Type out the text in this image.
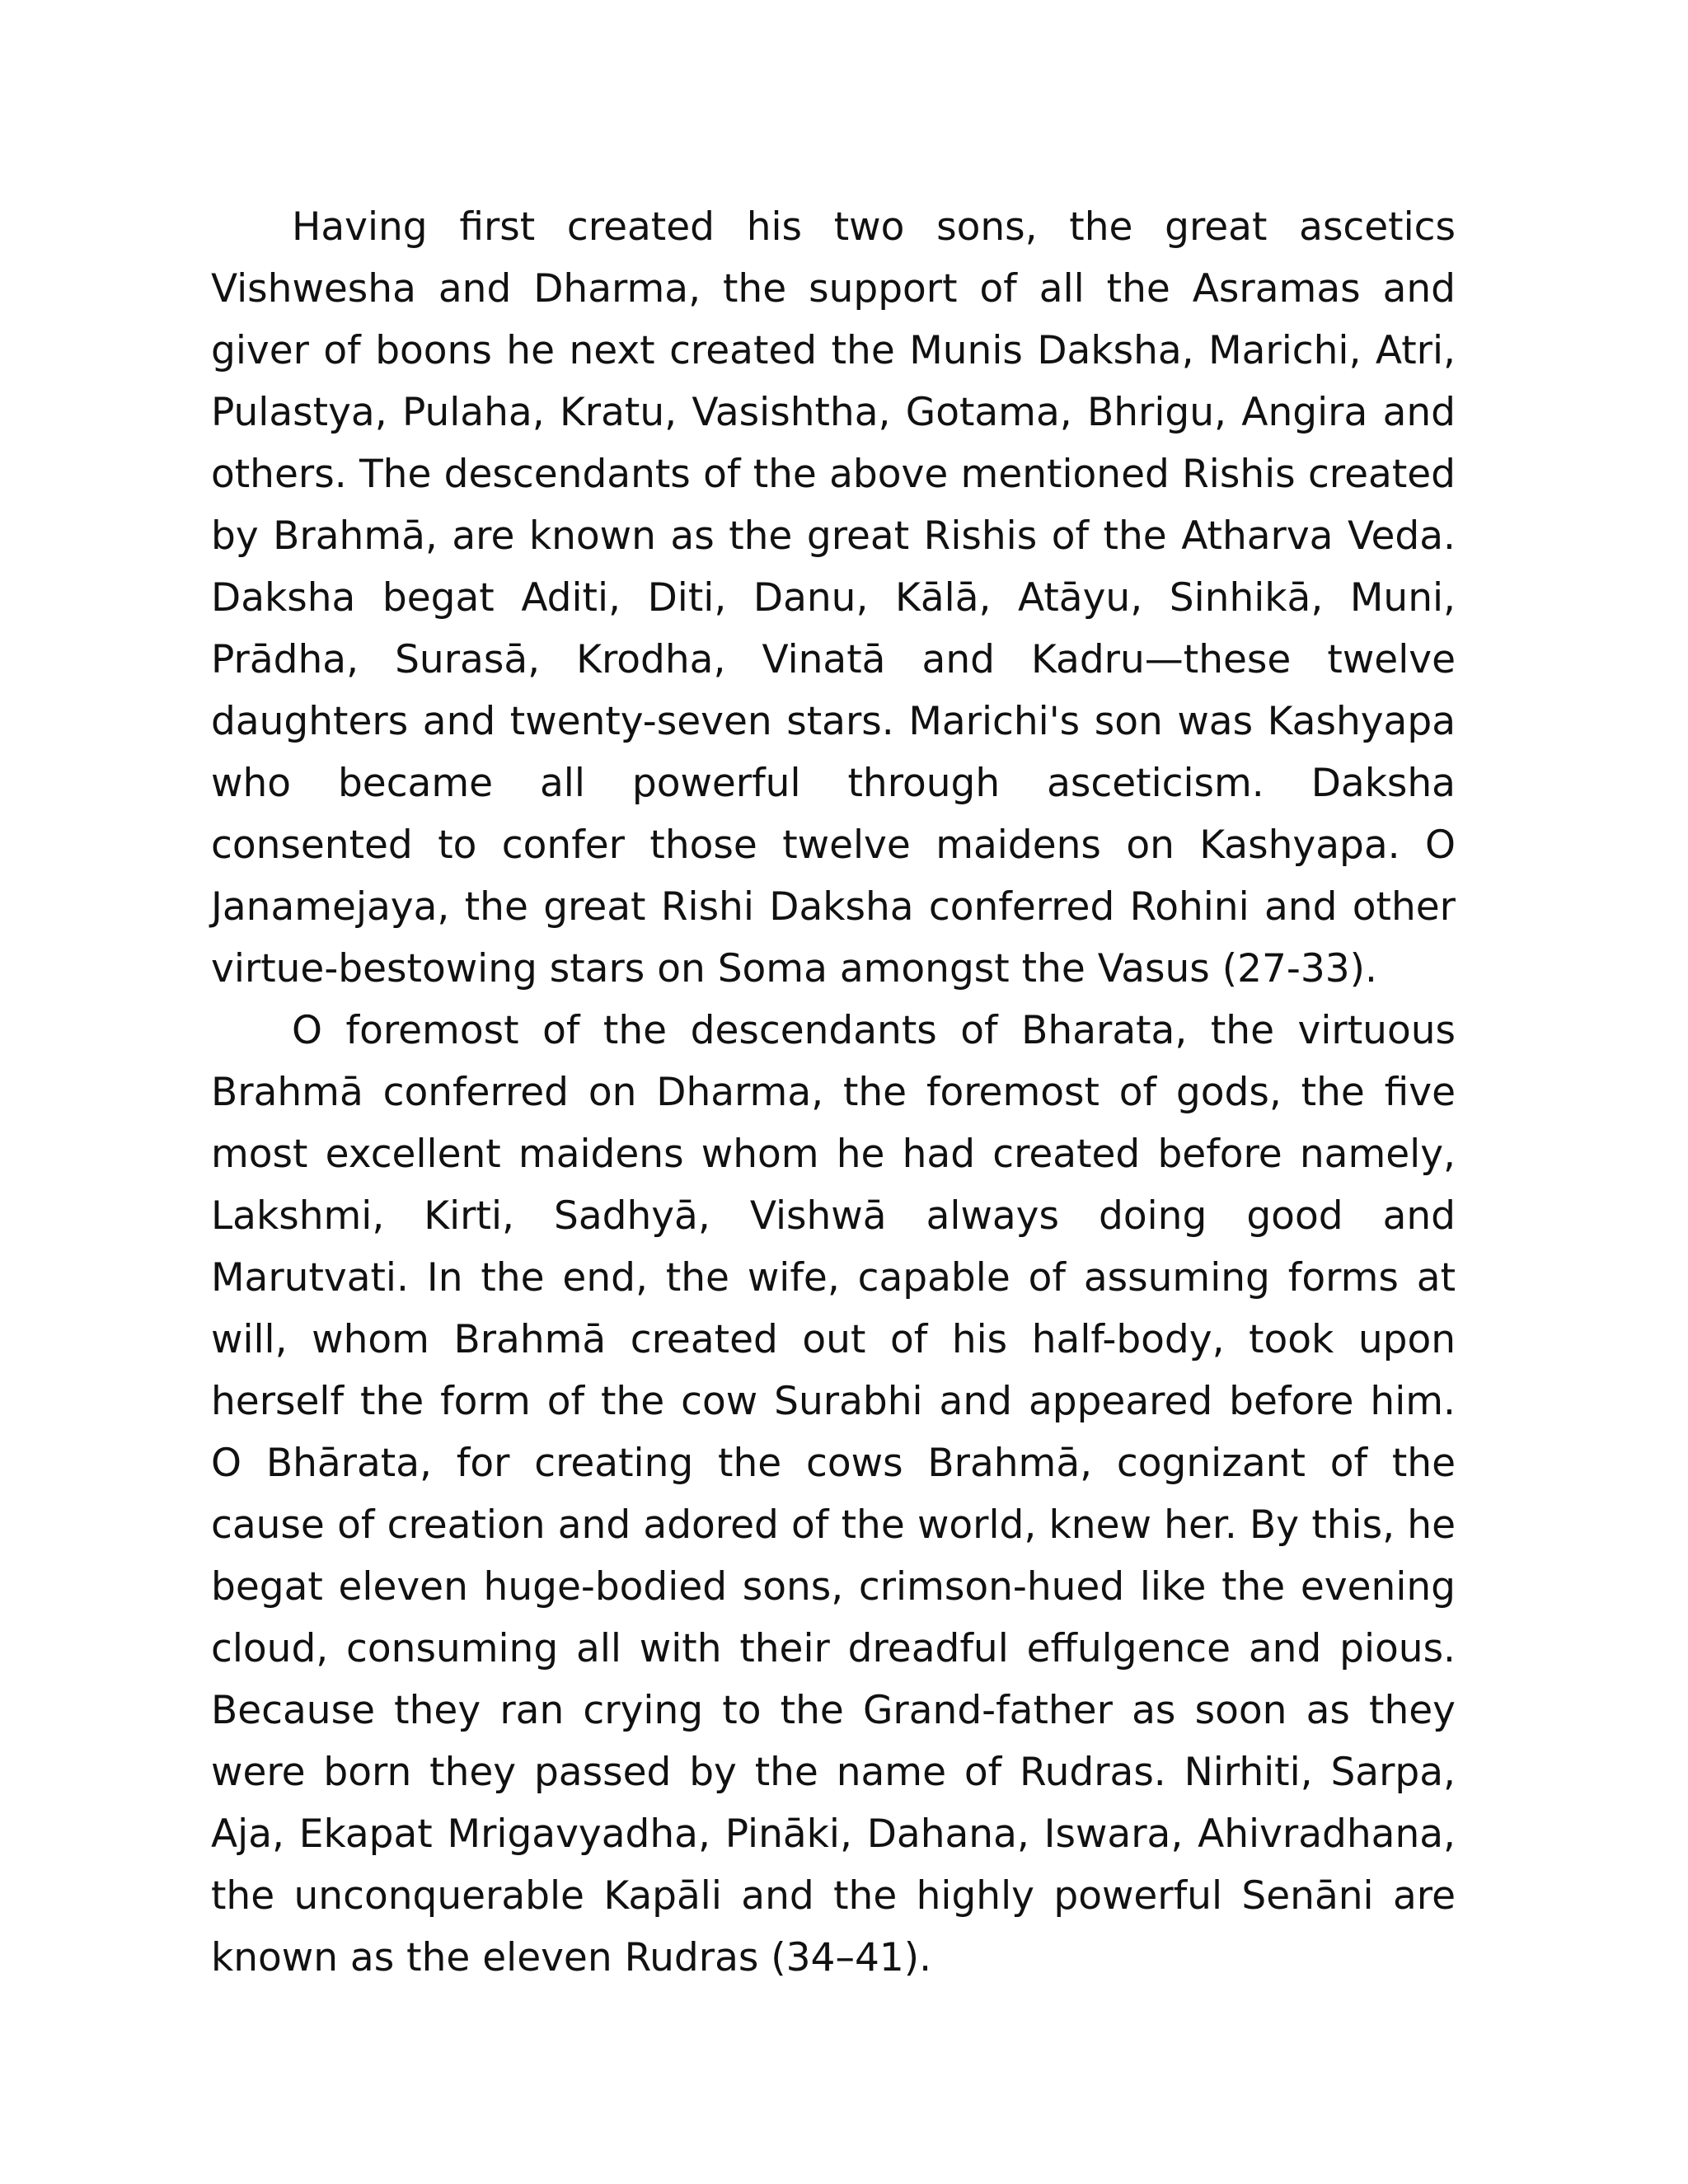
Having first created his two sons, the great ascetics Vishwesha and Dharma, the support of all the Asramas and giver of boons he next created the Munis Daksha, Marichi, Atri, Pulastya, Pulaha, Kratu, Vasishtha, Gotama, Bhrigu, Angira and others. The descendants of the above mentioned Rishis created by Brahmā, are known as the great Rishis of the Atharva Veda. Daksha begat Aditi, Diti, Danu, Kālā, Atāyu, Sinhikā, Muni, Prādha, Surasā, Krodha, Vinatā and Kadru—these twelve daughters and twenty-seven stars. Marichi's son was Kashyapa who became all powerful through asceticism. Daksha consented to confer those twelve maidens on Kashyapa. O Janamejaya, the great Rishi Daksha conferred Rohini and other virtue-bestowing stars on Soma amongst the Vasus (27-33).

O foremost of the descendants of Bharata, the virtuous Brahmā conferred on Dharma, the foremost of gods, the five most excellent maidens whom he had created before namely, Lakshmi, Kirti, Sadhyā, Vishwā always doing good and Marutvati. In the end, the wife, capable of assuming forms at will, whom Brahmā created out of his half-body, took upon herself the form of the cow Surabhi and appeared before him. O Bhārata, for creating the cows Brahmā, cognizant of the cause of creation and adored of the world, knew her. By this, he begat eleven huge-bodied sons, crimson-hued like the evening cloud, consuming all with their dreadful effulgence and pious. Because they ran crying to the Grand-father as soon as they were born they passed by the name of Rudras. Nirhiti, Sarpa, Aja, Ekapat Mrigavyadha, Pināki, Dahana, Iswara, Ahivradhana, the unconquerable Kapāli and the highly powerful Senāni are known as the eleven Rudras (34–41).
